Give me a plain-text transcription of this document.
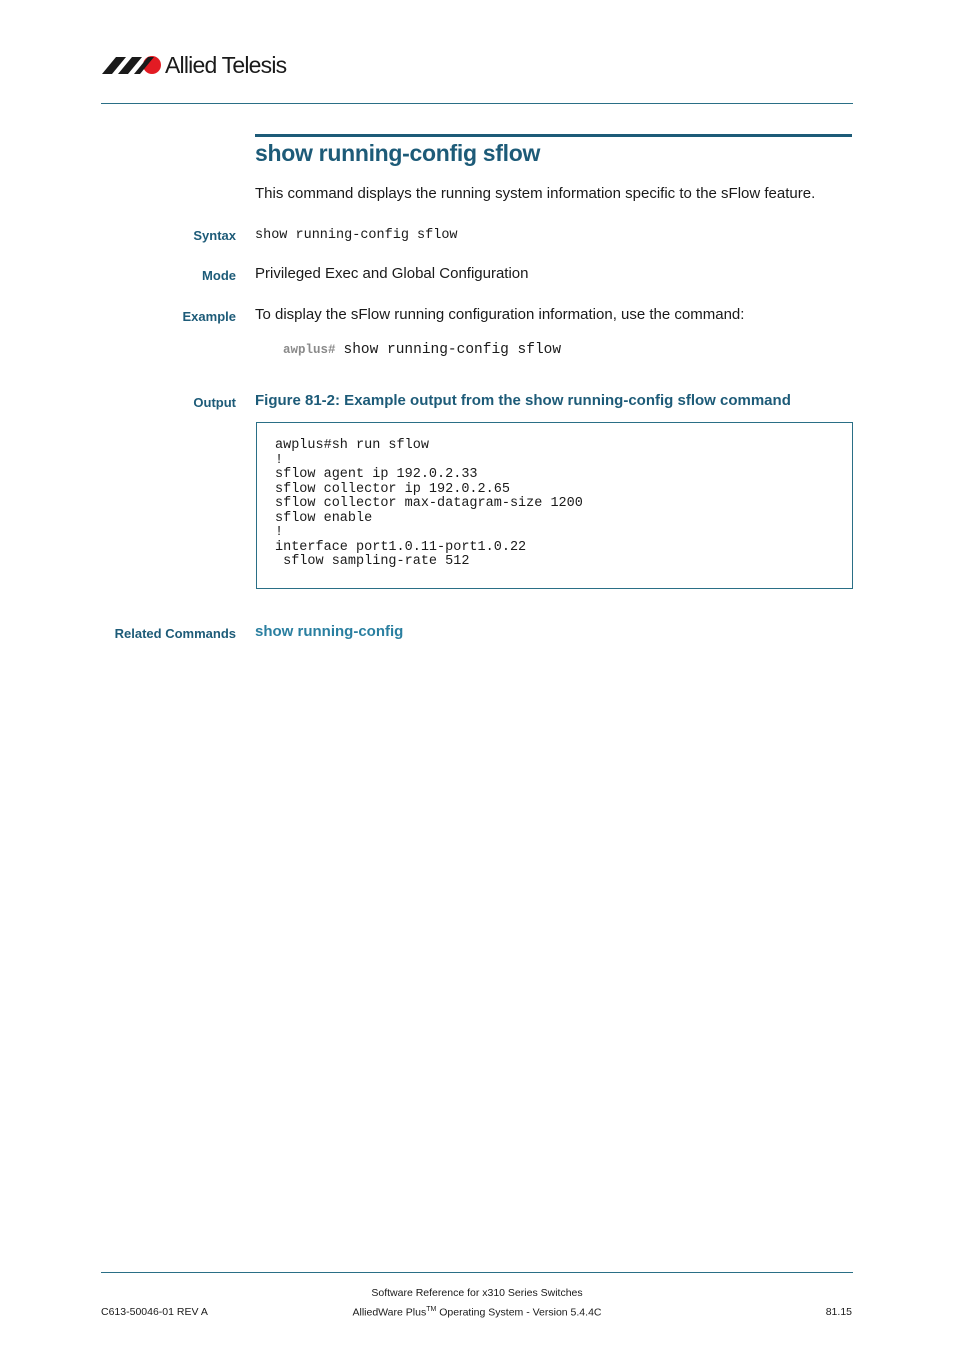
Allied Telesis
show running-config sflow
This command displays the running system information specific to the sFlow feature.
Syntax show running-config sflow
Mode Privileged Exec and Global Configuration
Example To display the sFlow running configuration information, use the command:
awplus# show running-config sflow
Output Figure 81-2: Example output from the show running-config sflow command
awplus#sh run sflow
!
sflow agent ip 192.0.2.33
sflow collector ip 192.0.2.65
sflow collector max-datagram-size 1200
sflow enable
!
interface port1.0.11-port1.0.22
sflow sampling-rate 512
Related Commands show running-config
Software Reference for x310 Series Switches
AlliedWare Plus™ Operating System - Version 5.4.4C
C613-50046-01 REV A	81.15
